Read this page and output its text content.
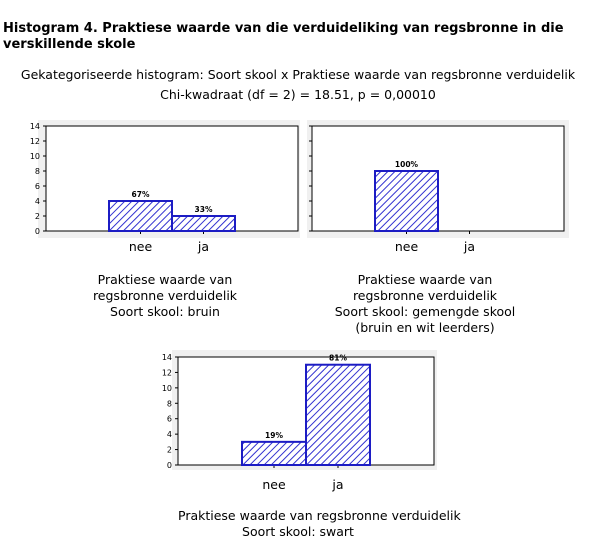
Histogram 4. Praktiese waarde van die verduideliking van regsbronne in die
verskillende skole
Gekategoriseerde histogram: Soort skool x Praktiese waarde van regsbronne verduidelik
Chi-kwadraat (df = 2) = 18.51, p = 0,00010
0
2
4
6
8
10
12
14
67%
nee
33%
ja
100%
nee	ja
0
2
4
6
8
10
12
14
19%
nee
81%
ja
Praktiese waarde van
regsbronne verduidelik
Soort skool: bruin
Praktiese waarde van
regsbronne verduidelik
Soort skool: gemengde skool
(bruin en wit leerders)
Praktiese waarde van regsbronne verduidelik
Soort skool: swart
